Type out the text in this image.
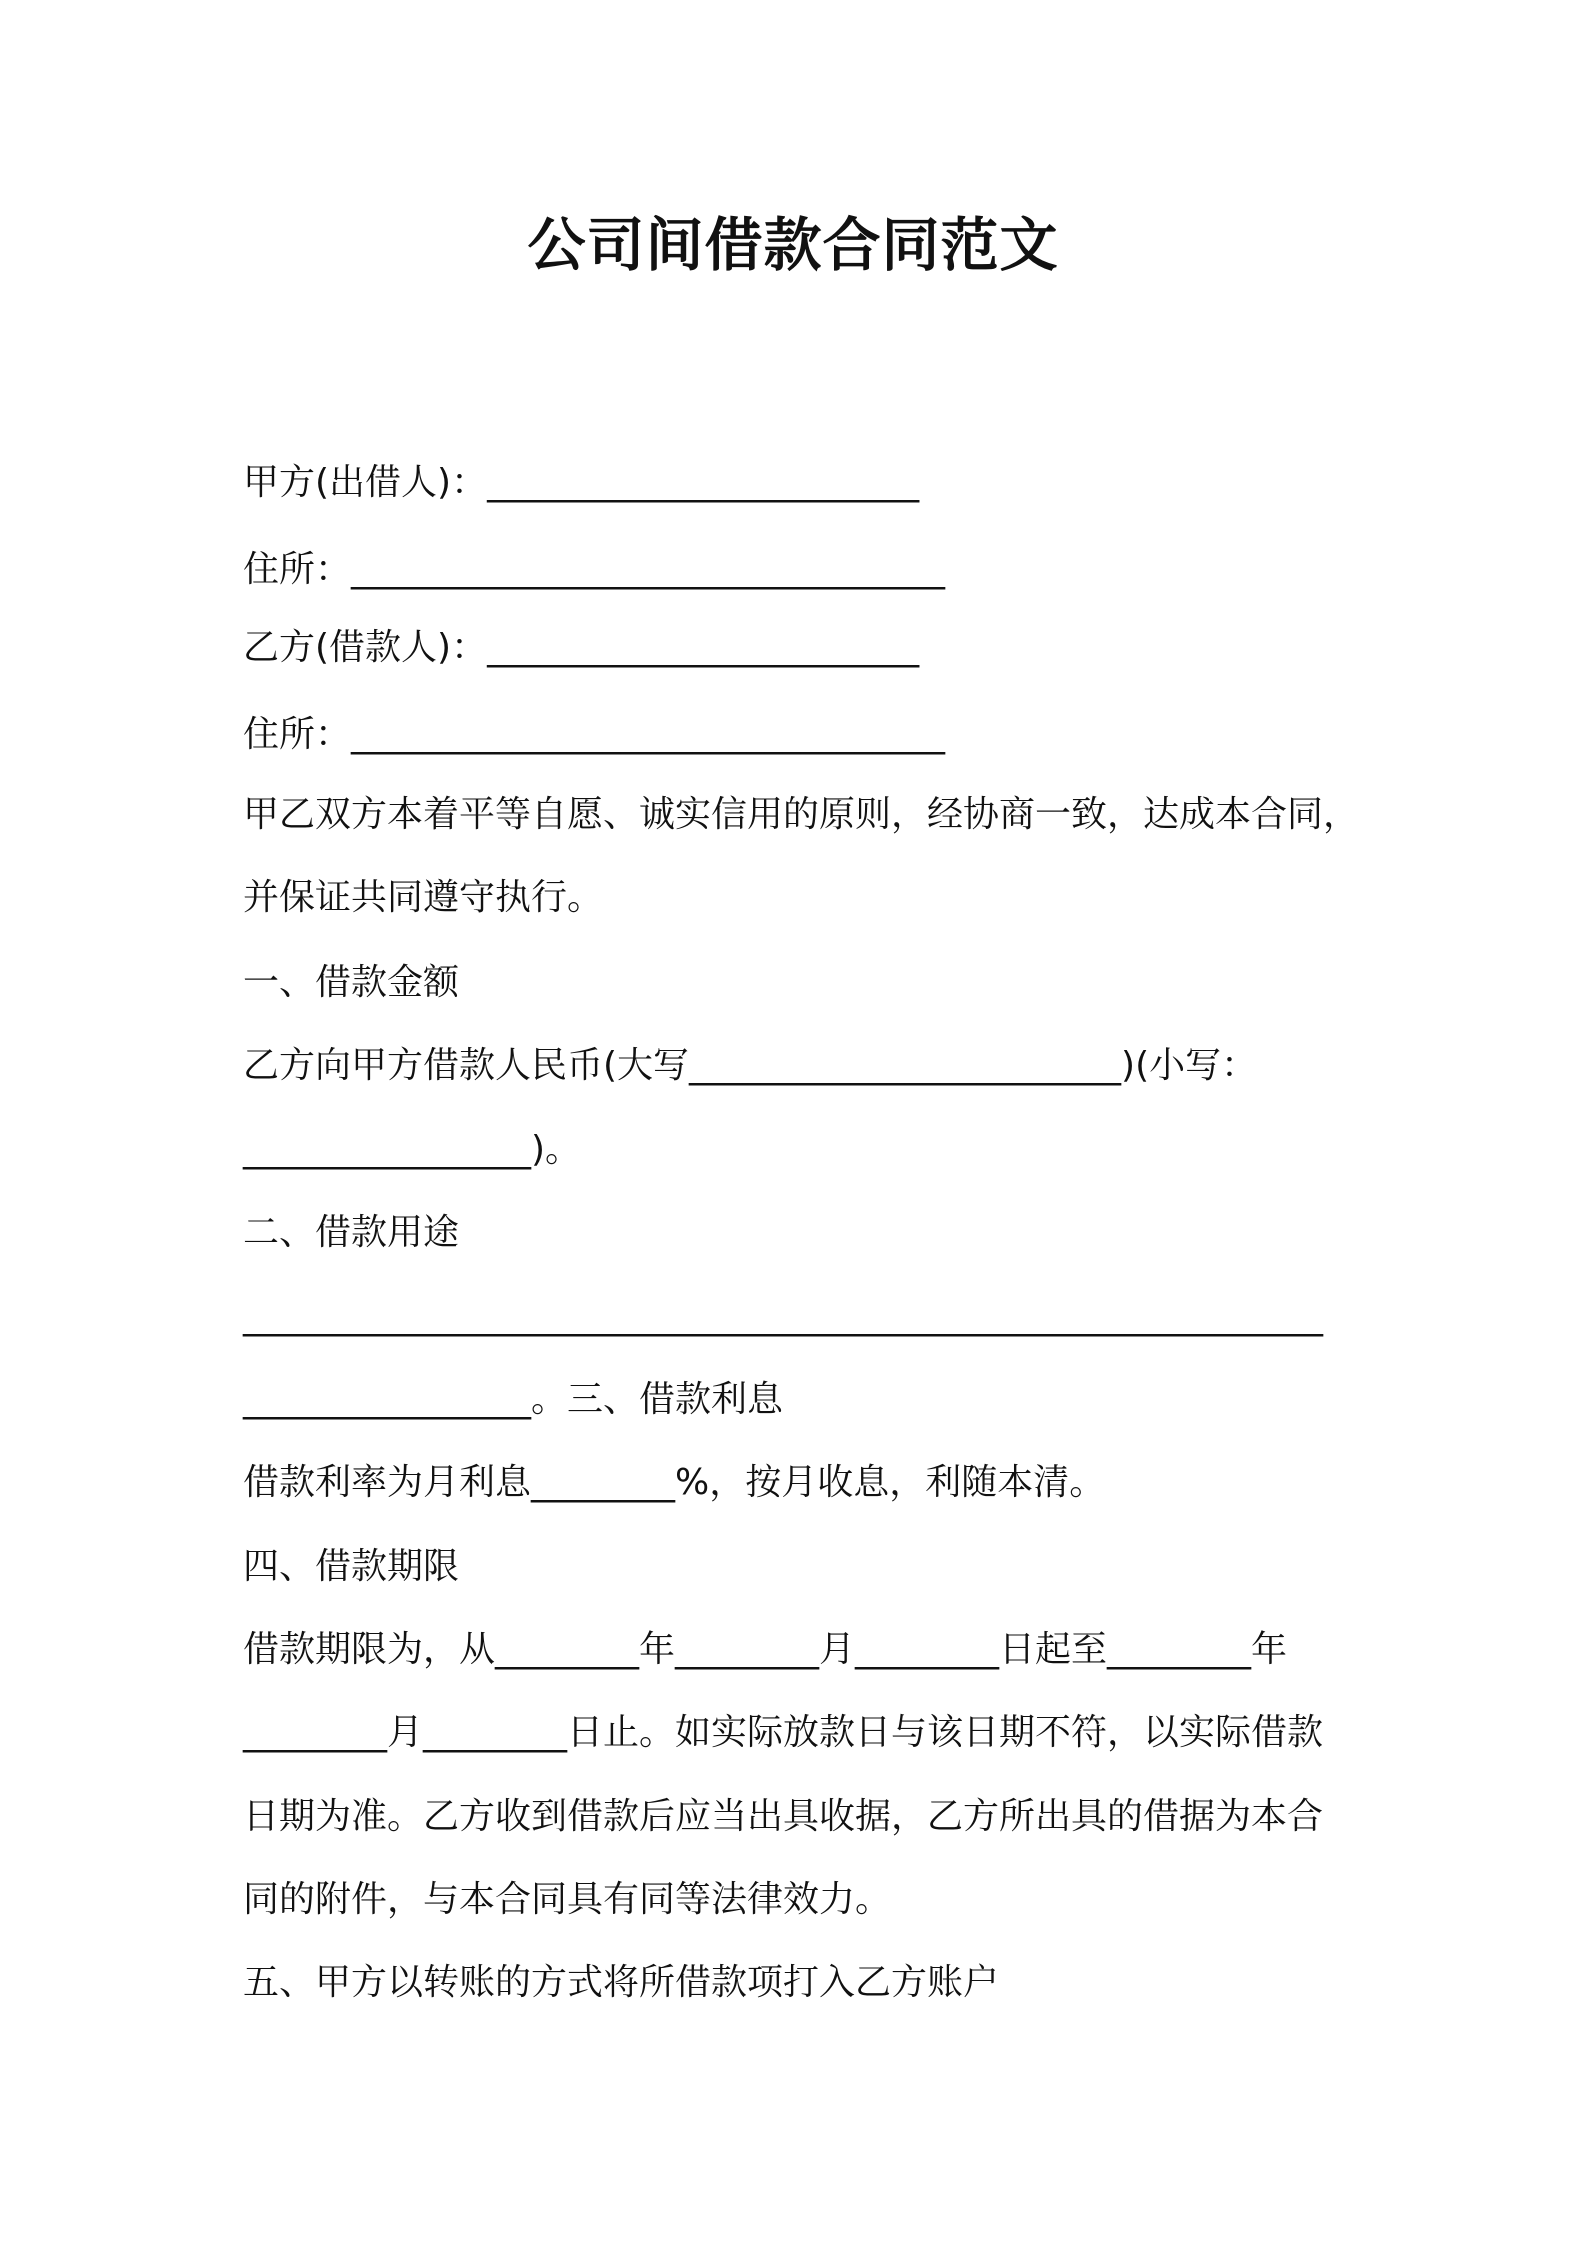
公司间借款合同范文

甲方(出借人)：________________________

住所：_________________________________

乙方(借款人)：________________________

住所：_________________________________

甲乙双方本着平等自愿、诚实信用的原则，经协商一致，达成本合同，

并保证共同遵守执行。

一、借款金额

乙方向甲方借款人民币(大写________________________)(小写：

________________)。

二、借款用途

____________________________________________________________

________________。三、借款利息

借款利率为月利息________%，按月收息，利随本清。

四、借款期限

借款期限为，从________年________月________日起至________年

________月________日止。如实际放款日与该日期不符，以实际借款

日期为准。乙方收到借款后应当出具收据，乙方所出具的借据为本合

同的附件，与本合同具有同等法律效力。

五、甲方以转账的方式将所借款项打入乙方账户
